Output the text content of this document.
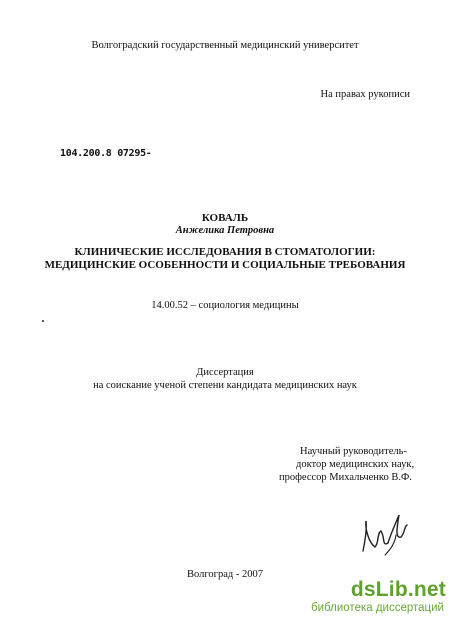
Волгоградский государственный медицинский университет
На правах рукописи
104.200.8 07295-
КОВАЛЬ
Анжелика Петровна
КЛИНИЧЕСКИЕ ИССЛЕДОВАНИЯ В СТОМАТОЛОГИИ:
МЕДИЦИНСКИЕ ОСОБЕННОСТИ И СОЦИАЛЬНЫЕ ТРЕБОВАНИЯ
14.00.52 – социология медицины
Диссертация
на соискание ученой степени кандидата медицинских наук
Научный руководитель-
доктор медицинских наук,
профессор Михальченко В.Ф.
Волгоград - 2007
dsLib.net
библиотека диссертаций
